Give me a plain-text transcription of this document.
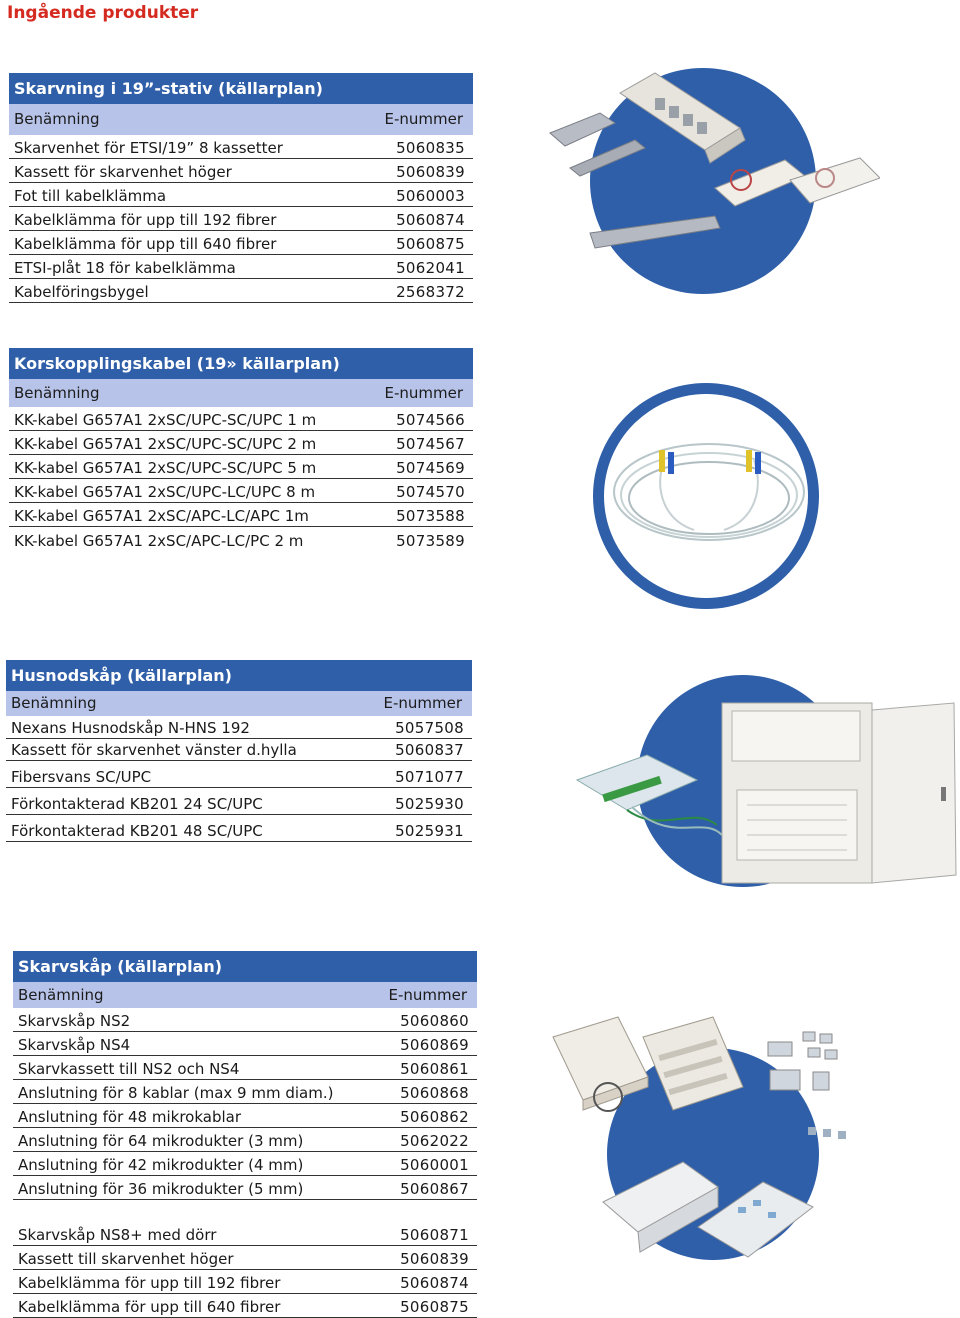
Ingående produkter
Skarvning i 19”-stativ (källarplan)
Benämning	E-nummer
Skarvenhet för ETSI/19” 8 kassetter	5060835
Kassett för skarvenhet höger	5060839
Fot till kabelklämma	5060003
Kabelklämma för upp till 192 fibrer	5060874
Kabelklämma för upp till 640 fibrer	5060875
ETSI-plåt 18 för kabelklämma	5062041
Kabelföringsbygel	2568372
Korskopplingskabel (19» källarplan)
Benämning	E-nummer
KK-kabel G657A1 2xSC/UPC-SC/UPC 1 m	5074566
KK-kabel G657A1 2xSC/UPC-SC/UPC 2 m	5074567
KK-kabel G657A1 2xSC/UPC-SC/UPC 5 m	5074569
KK-kabel G657A1 2xSC/UPC-LC/UPC 8 m	5074570
KK-kabel G657A1 2xSC/APC-LC/APC 1m	5073588
KK-kabel G657A1 2xSC/APC-LC/PC 2 m	5073589
Husnodskåp (källarplan)
Benämning	E-nummer
Nexans Husnodskåp N-HNS 192	5057508
Kassett för skarvenhet vänster d.hylla	5060837
Fibersvans SC/UPC	5071077
Förkontakterad KB201 24 SC/UPC	5025930
Förkontakterad KB201 48 SC/UPC	5025931
Skarvskåp (källarplan)
Benämning	E-nummer
Skarvskåp NS2	5060860
Skarvskåp NS4	5060869
Skarvkassett till NS2 och NS4	5060861
Anslutning för 8 kablar (max 9 mm diam.)	5060868
Anslutning för 48 mikrokablar	5060862
Anslutning för 64 mikrodukter (3 mm)	5062022
Anslutning för 42 mikrodukter (4 mm)	5060001
Anslutning för 36 mikrodukter (5 mm)	5060867
Skarvskåp NS8+ med dörr	5060871
Kassett till skarvenhet höger	5060839
Kabelklämma för upp till 192 fibrer	5060874
Kabelklämma för upp till 640 fibrer	5060875
